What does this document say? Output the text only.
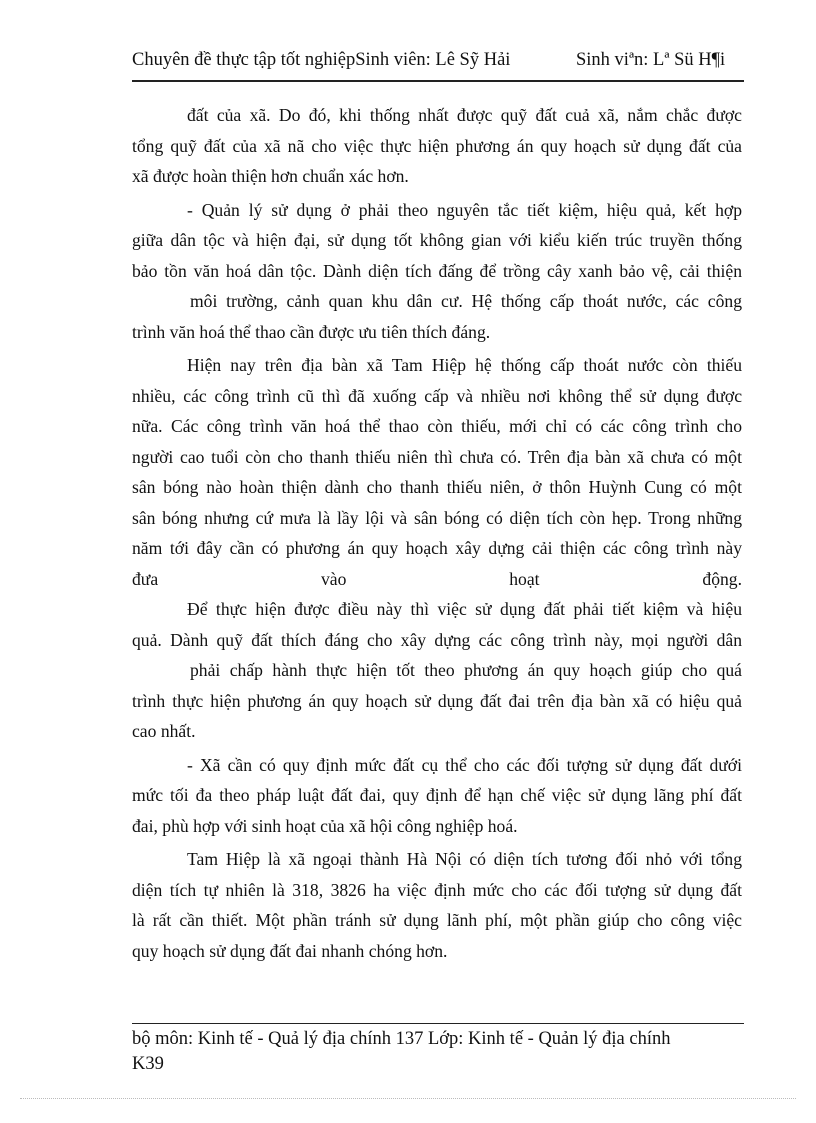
Chuyên đề thực tập tốt nghiệpSinh viên: Lê Sỹ Hải	Sinh viªn: Lª Sü H¶i
đất của xã. Do đó, khi thống nhất được quỹ đất cuả xã, nắm chắc được
tổng quỹ đất của xã nã cho việc thực hiện phương án quy hoạch sử dụng đất của
xã được hoàn thiện hơn chuẩn xác hơn.
- Quản lý sử dụng ở phải theo nguyên tắc tiết kiệm, hiệu quả, kết hợp
giữa dân tộc và hiện đại, sử dụng tốt không gian với kiểu kiến trúc truyền thống
bảo tồn văn hoá dân tộc. Dành diện tích đấng để trồng cây xanh bảo vệ, cải thiện
môi trường, cảnh quan khu dân cư. Hệ thống cấp thoát nước, các công
trình văn hoá thể thao cần được ưu tiên thích đáng.
Hiện nay trên địa bàn xã Tam Hiệp hệ thống cấp thoát nước còn thiếu
nhiều, các công trình cũ thì đã xuống cấp và nhiều nơi không thể sử dụng được
nữa. Các công trình văn hoá thể thao còn thiếu, mới chỉ có các công trình cho
người cao tuổi còn cho thanh thiếu niên thì chưa có. Trên địa bàn xã chưa có một
sân bóng nào hoàn thiện dành cho thanh thiếu niên, ở thôn Huỳnh Cung có một
sân bóng nhưng cứ mưa là lầy lội và sân bóng có diện tích còn hẹp. Trong những
năm tới đây cần có phương án quy hoạch xây dựng cải thiện các công trình này
đưa vào hoạt động.
Để thực hiện được điều này thì việc sử dụng đất phải tiết kiệm và hiệu
quả. Dành quỹ đất thích đáng cho xây dựng các công trình này, mọi người dân
phải chấp hành thực hiện tốt theo phương án quy hoạch giúp cho quá
trình thực hiện phương án quy hoạch sử dụng đất đai trên địa bàn xã có hiệu quả
cao nhất.
- Xã cần có quy định mức đất cụ thể cho các đối tượng sử dụng đất dưới
mức tối đa theo pháp luật đất đai, quy định để hạn chế việc sử dụng lãng phí đất
đai, phù hợp với sinh hoạt của xã hội công nghiệp hoá.
Tam Hiệp là xã ngoại thành Hà Nội có diện tích tương đối nhỏ với tổng
diện tích tự nhiên là 318, 3826 ha việc định mức cho các đối tượng sử dụng đất
là rất cần thiết. Một phần tránh sử dụng lãnh phí, một phần giúp cho công việc
quy hoạch sử dụng đất đai nhanh chóng hơn.
bộ môn: Kinh tế - Quả lý địa chính 137 Lớp: Kinh tế - Quản lý địa chính
K39
